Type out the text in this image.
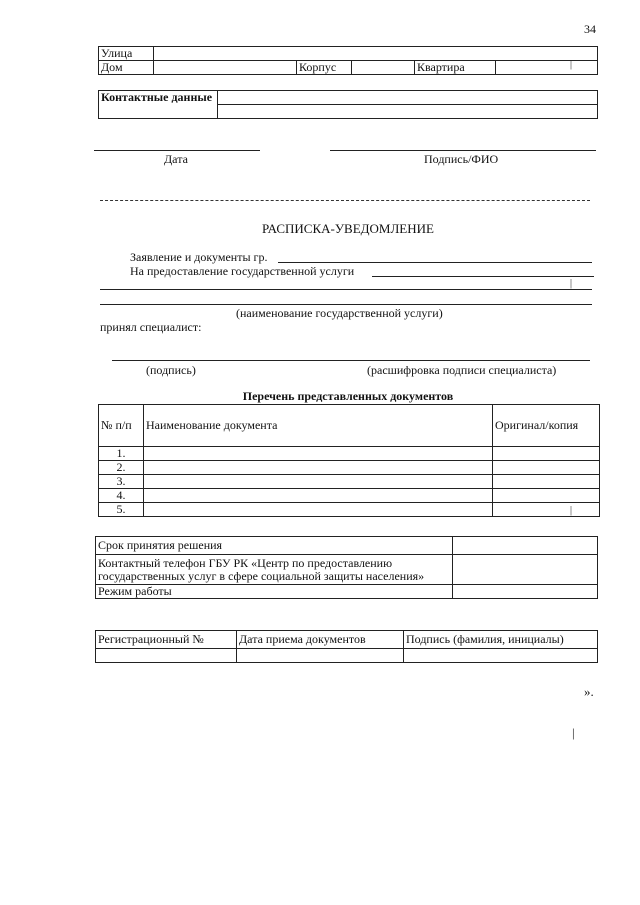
34
Улица					
Дом		Корпус		Квартира		|
Контактные данные	

Дата	Подпись/ФИО
РАСПИСКА-УВЕДОМЛЕНИЕ
Заявление и документы гр.
На предоставление государственной услуги
|
(наименование государственной услуги)
принял специалист:
(подпись)	(расшифровка подписи специалиста)
Перечень представленных документов
№ п/п	Наименование документа	Оригинал/копия
1.		
2.		
3.		
4.		
5.			|
Срок принятия решения	
Контактный телефон ГБУ РК «Центр по предоставлению государственных услуг в сфере социальной защиты населения»	
Режим работы	
Регистрационный №	Дата приема документов	Подпись (фамилия, инициалы)

».
|
